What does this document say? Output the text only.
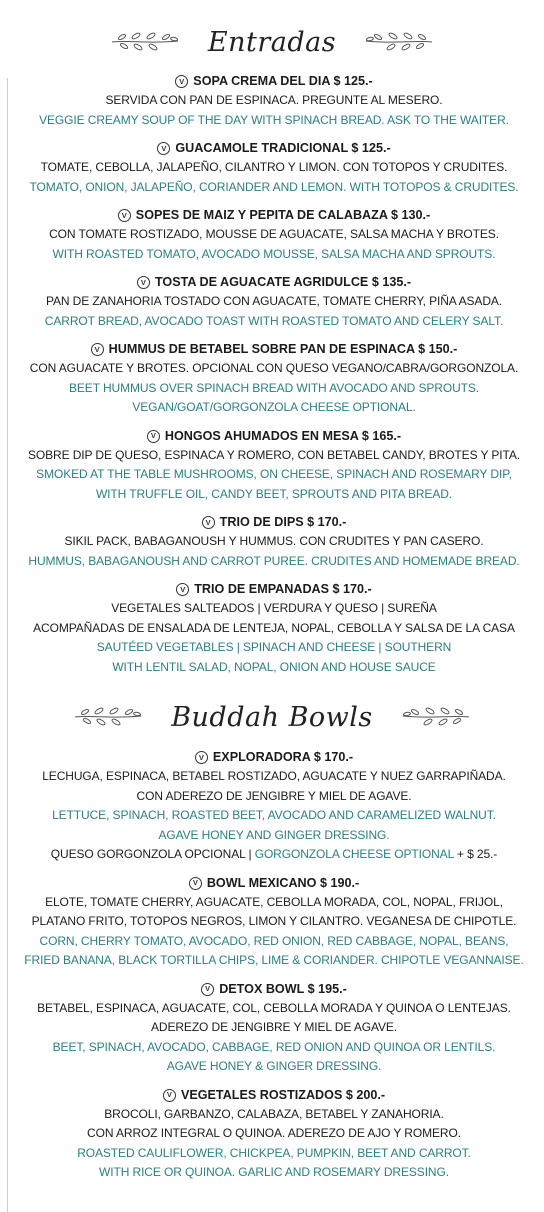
Entradas
V SOPA CREMA DEL DIA $ 125.-
SERVIDA CON PAN DE ESPINACA. PREGUNTE AL MESERO.
VEGGIE CREAMY SOUP OF THE DAY WITH SPINACH BREAD. ASK TO THE WAITER.
V GUACAMOLE TRADICIONAL $ 125.-
TOMATE, CEBOLLA, JALAPEÑO, CILANTRO Y LIMON. CON TOTOPOS Y CRUDITES.
TOMATO, ONION, JALAPEÑO, CORIANDER AND LEMON. WITH TOTOPOS & CRUDITES.
V SOPES DE MAIZ Y PEPITA DE CALABAZA $ 130.-
CON TOMATE ROSTIZADO, MOUSSE DE AGUACATE, SALSA MACHA Y BROTES.
WITH ROASTED TOMATO, AVOCADO MOUSSE, SALSA MACHA AND SPROUTS.
V TOSTA DE AGUACATE AGRIDULCE $ 135.-
PAN DE ZANAHORIA TOSTADO CON AGUACATE, TOMATE CHERRY, PIÑA ASADA.
CARROT BREAD, AVOCADO TOAST WITH ROASTED TOMATO AND CELERY SALT.
V HUMMUS DE BETABEL SOBRE PAN DE ESPINACA $ 150.-
CON AGUACATE Y BROTES. OPCIONAL CON QUESO VEGANO/CABRA/GORGONZOLA.
BEET HUMMUS OVER SPINACH BREAD WITH AVOCADO AND SPROUTS.
VEGAN/GOAT/GORGONZOLA CHEESE OPTIONAL.
V HONGOS AHUMADOS EN MESA $ 165.-
SOBRE DIP DE QUESO, ESPINACA Y ROMERO, CON BETABEL CANDY, BROTES Y PITA.
SMOKED AT THE TABLE MUSHROOMS, ON CHEESE, SPINACH AND ROSEMARY DIP,
WITH TRUFFLE OIL, CANDY BEET, SPROUTS AND PITA BREAD.
V TRIO DE DIPS $ 170.-
SIKIL PACK, BABAGANOUSH Y HUMMUS. CON CRUDITES Y PAN CASERO.
HUMMUS, BABAGANOUSH AND CARROT PUREE. CRUDITES AND HOMEMADE BREAD.
V TRIO DE EMPANADAS $ 170.-
VEGETALES SALTEADOS | VERDURA Y QUESO | SUREÑA
ACOMPAÑADAS DE ENSALADA DE LENTEJA, NOPAL, CEBOLLA Y SALSA DE LA CASA
SAUTÉED VEGETABLES | SPINACH AND CHEESE | SOUTHERN
WITH LENTIL SALAD, NOPAL, ONION AND HOUSE SAUCE
Buddah Bowls
V EXPLORADORA $ 170.-
LECHUGA, ESPINACA, BETABEL ROSTIZADO, AGUACATE Y NUEZ GARRAPIÑADA.
CON ADEREZO DE JENGIBRE Y MIEL DE AGAVE.
LETTUCE, SPINACH, ROASTED BEET, AVOCADO AND CARAMELIZED WALNUT.
AGAVE HONEY AND GINGER DRESSING.
QUESO GORGONZOLA OPCIONAL | GORGONZOLA CHEESE OPTIONAL + $ 25.-
V BOWL MEXICANO $ 190.-
ELOTE, TOMATE CHERRY, AGUACATE, CEBOLLA MORADA, COL, NOPAL, FRIJOL,
PLATANO FRITO, TOTOPOS NEGROS, LIMON Y CILANTRO. VEGANESA DE CHIPOTLE.
CORN, CHERRY TOMATO, AVOCADO, RED ONION, RED CABBAGE, NOPAL, BEANS,
FRIED BANANA, BLACK TORTILLA CHIPS, LIME & CORIANDER. CHIPOTLE VEGANNAISE.
V DETOX BOWL $ 195.-
BETABEL, ESPINACA, AGUACATE, COL, CEBOLLA MORADA Y QUINOA O LENTEJAS.
ADEREZO DE JENGIBRE Y MIEL DE AGAVE.
BEET, SPINACH, AVOCADO, CABBAGE, RED ONION AND QUINOA OR LENTILS.
AGAVE HONEY & GINGER DRESSING.
V VEGETALES ROSTIZADOS $ 200.-
BROCOLI, GARBANZO, CALABAZA, BETABEL Y ZANAHORIA.
CON ARROZ INTEGRAL O QUINOA. ADEREZO DE AJO Y ROMERO.
ROASTED CAULIFLOWER, CHICKPEA, PUMPKIN, BEET AND CARROT.
WITH RICE OR QUINOA. GARLIC AND ROSEMARY DRESSING.
